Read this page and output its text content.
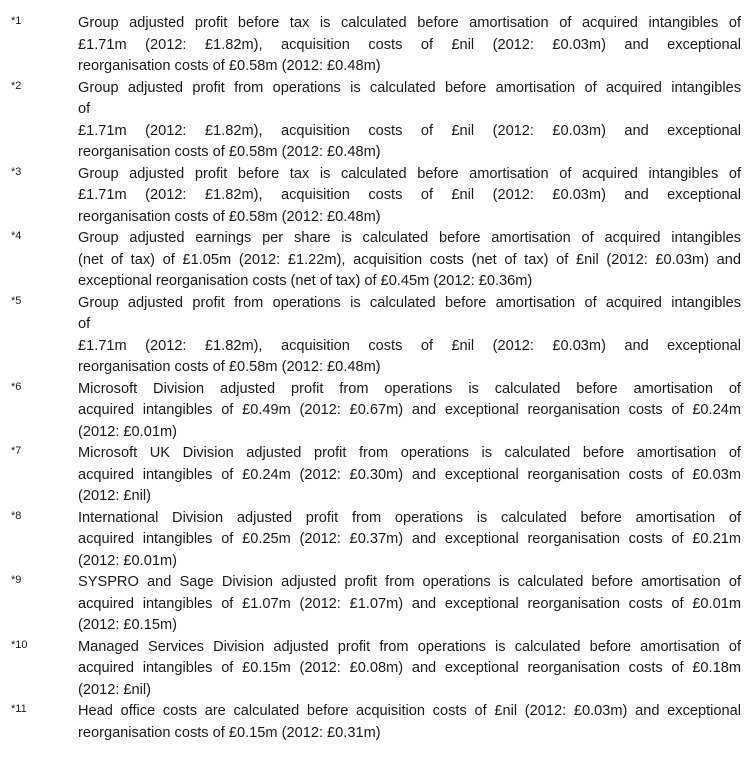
*1	Group adjusted profit before tax is calculated before amortisation of acquired intangibles of
£1.71m (2012: £1.82m), acquisition costs of £nil (2012: £0.03m) and exceptional
reorganisation costs of £0.58m (2012: £0.48m)
*2	Group adjusted profit from operations is calculated before amortisation of acquired intangibles
of
£1.71m (2012: £1.82m), acquisition costs of £nil (2012: £0.03m) and exceptional
reorganisation costs of £0.58m (2012: £0.48m)
*3	Group adjusted profit before tax is calculated before amortisation of acquired intangibles of
£1.71m (2012: £1.82m), acquisition costs of £nil (2012: £0.03m) and exceptional
reorganisation costs of £0.58m (2012: £0.48m)
*4	Group adjusted earnings per share is calculated before amortisation of acquired intangibles
(net of tax) of £1.05m (2012: £1.22m), acquisition costs (net of tax) of £nil (2012: £0.03m) and
exceptional reorganisation costs (net of tax) of £0.45m (2012: £0.36m)
*5	Group adjusted profit from operations is calculated before amortisation of acquired intangibles
of
£1.71m (2012: £1.82m), acquisition costs of £nil (2012: £0.03m) and exceptional
reorganisation costs of £0.58m (2012: £0.48m)
*6	Microsoft Division adjusted profit from operations is calculated before amortisation of
acquired intangibles of £0.49m (2012: £0.67m) and exceptional reorganisation costs of £0.24m
(2012: £0.01m)
*7	Microsoft UK Division adjusted profit from operations is calculated before amortisation of
acquired intangibles of £0.24m (2012: £0.30m) and exceptional reorganisation costs of £0.03m
(2012: £nil)
*8	International Division adjusted profit from operations is calculated before amortisation of
acquired intangibles of £0.25m (2012: £0.37m) and exceptional reorganisation costs of £0.21m
(2012: £0.01m)
*9	SYSPRO and Sage Division adjusted profit from operations is calculated before amortisation of
acquired intangibles of £1.07m (2012: £1.07m) and exceptional reorganisation costs of £0.01m
(2012: £0.15m)
*10	Managed Services Division adjusted profit from operations is calculated before amortisation of
acquired intangibles of £0.15m (2012: £0.08m) and exceptional reorganisation costs of £0.18m
(2012: £nil)
*11	Head office costs are calculated before acquisition costs of £nil (2012: £0.03m) and exceptional
reorganisation costs of £0.15m (2012: £0.31m)
